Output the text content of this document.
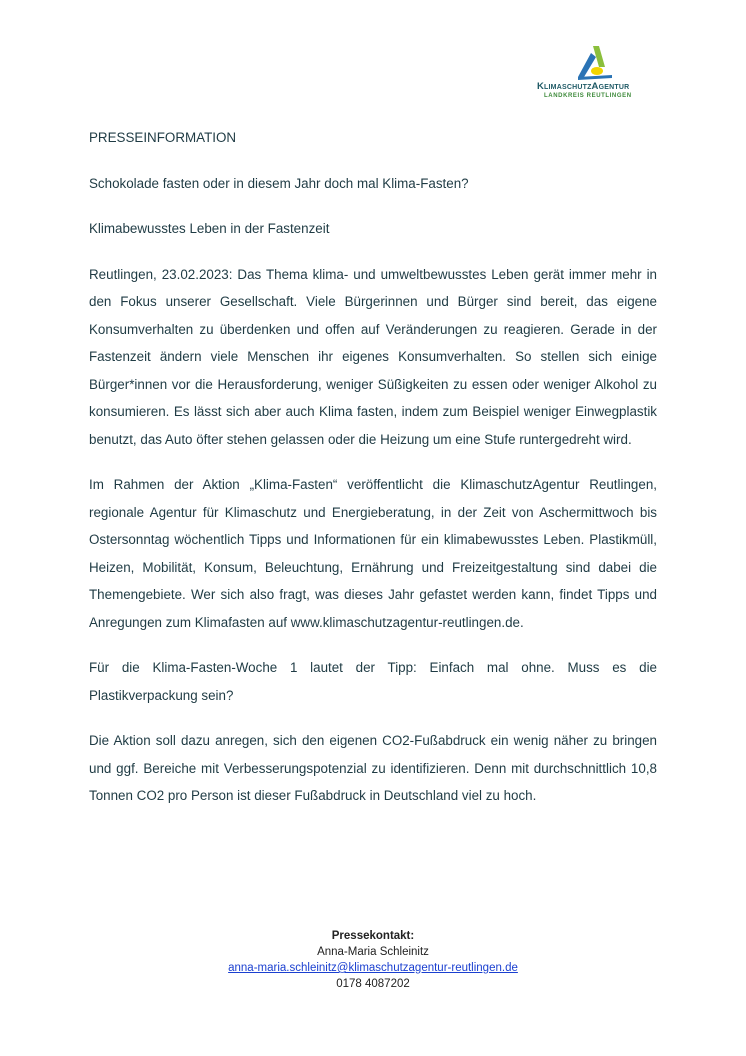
KlimaschutzAgentur
LANDKREIS REUTLINGEN

PRESSEINFORMATION

Schokolade fasten oder in diesem Jahr doch mal Klima-Fasten?

Klimabewusstes Leben in der Fastenzeit

Reutlingen, 23.02.2023: Das Thema klima- und umweltbewusstes Leben gerät immer mehr in den Fokus unserer Gesellschaft. Viele Bürgerinnen und Bürger sind bereit, das eigene Konsumverhalten zu überdenken und offen auf Veränderungen zu reagieren. Gerade in der Fastenzeit ändern viele Menschen ihr eigenes Konsumverhalten. So stellen sich einige Bürger*innen vor die Herausforderung, weniger Süßigkeiten zu essen oder weniger Alkohol zu konsumieren. Es lässt sich aber auch Klima fasten, indem zum Beispiel weniger Einwegplastik benutzt, das Auto öfter stehen gelassen oder die Heizung um eine Stufe runtergedreht wird.

Im Rahmen der Aktion „Klima-Fasten“ veröffentlicht die KlimaschutzAgentur Reutlingen, regionale Agentur für Klimaschutz und Energieberatung, in der Zeit von Aschermittwoch bis Ostersonntag wöchentlich Tipps und Informationen für ein klimabewusstes Leben. Plastikmüll, Heizen, Mobilität, Konsum, Beleuchtung, Ernährung und Freizeitgestaltung sind dabei die Themengebiete. Wer sich also fragt, was dieses Jahr gefastet werden kann, findet Tipps und Anregungen zum Klimafasten auf www.klimaschutzagentur-reutlingen.de.

Für die Klima-Fasten-Woche 1 lautet der Tipp: Einfach mal ohne. Muss es die Plastikverpackung sein?

Die Aktion soll dazu anregen, sich den eigenen CO2-Fußabdruck ein wenig näher zu bringen und ggf. Bereiche mit Verbesserungspotenzial zu identifizieren. Denn mit durchschnittlich 10,8 Tonnen CO2 pro Person ist dieser Fußabdruck in Deutschland viel zu hoch.

Pressekontakt:
Anna-Maria Schleinitz
anna-maria.schleinitz@klimaschutzagentur-reutlingen.de
0178 4087202
